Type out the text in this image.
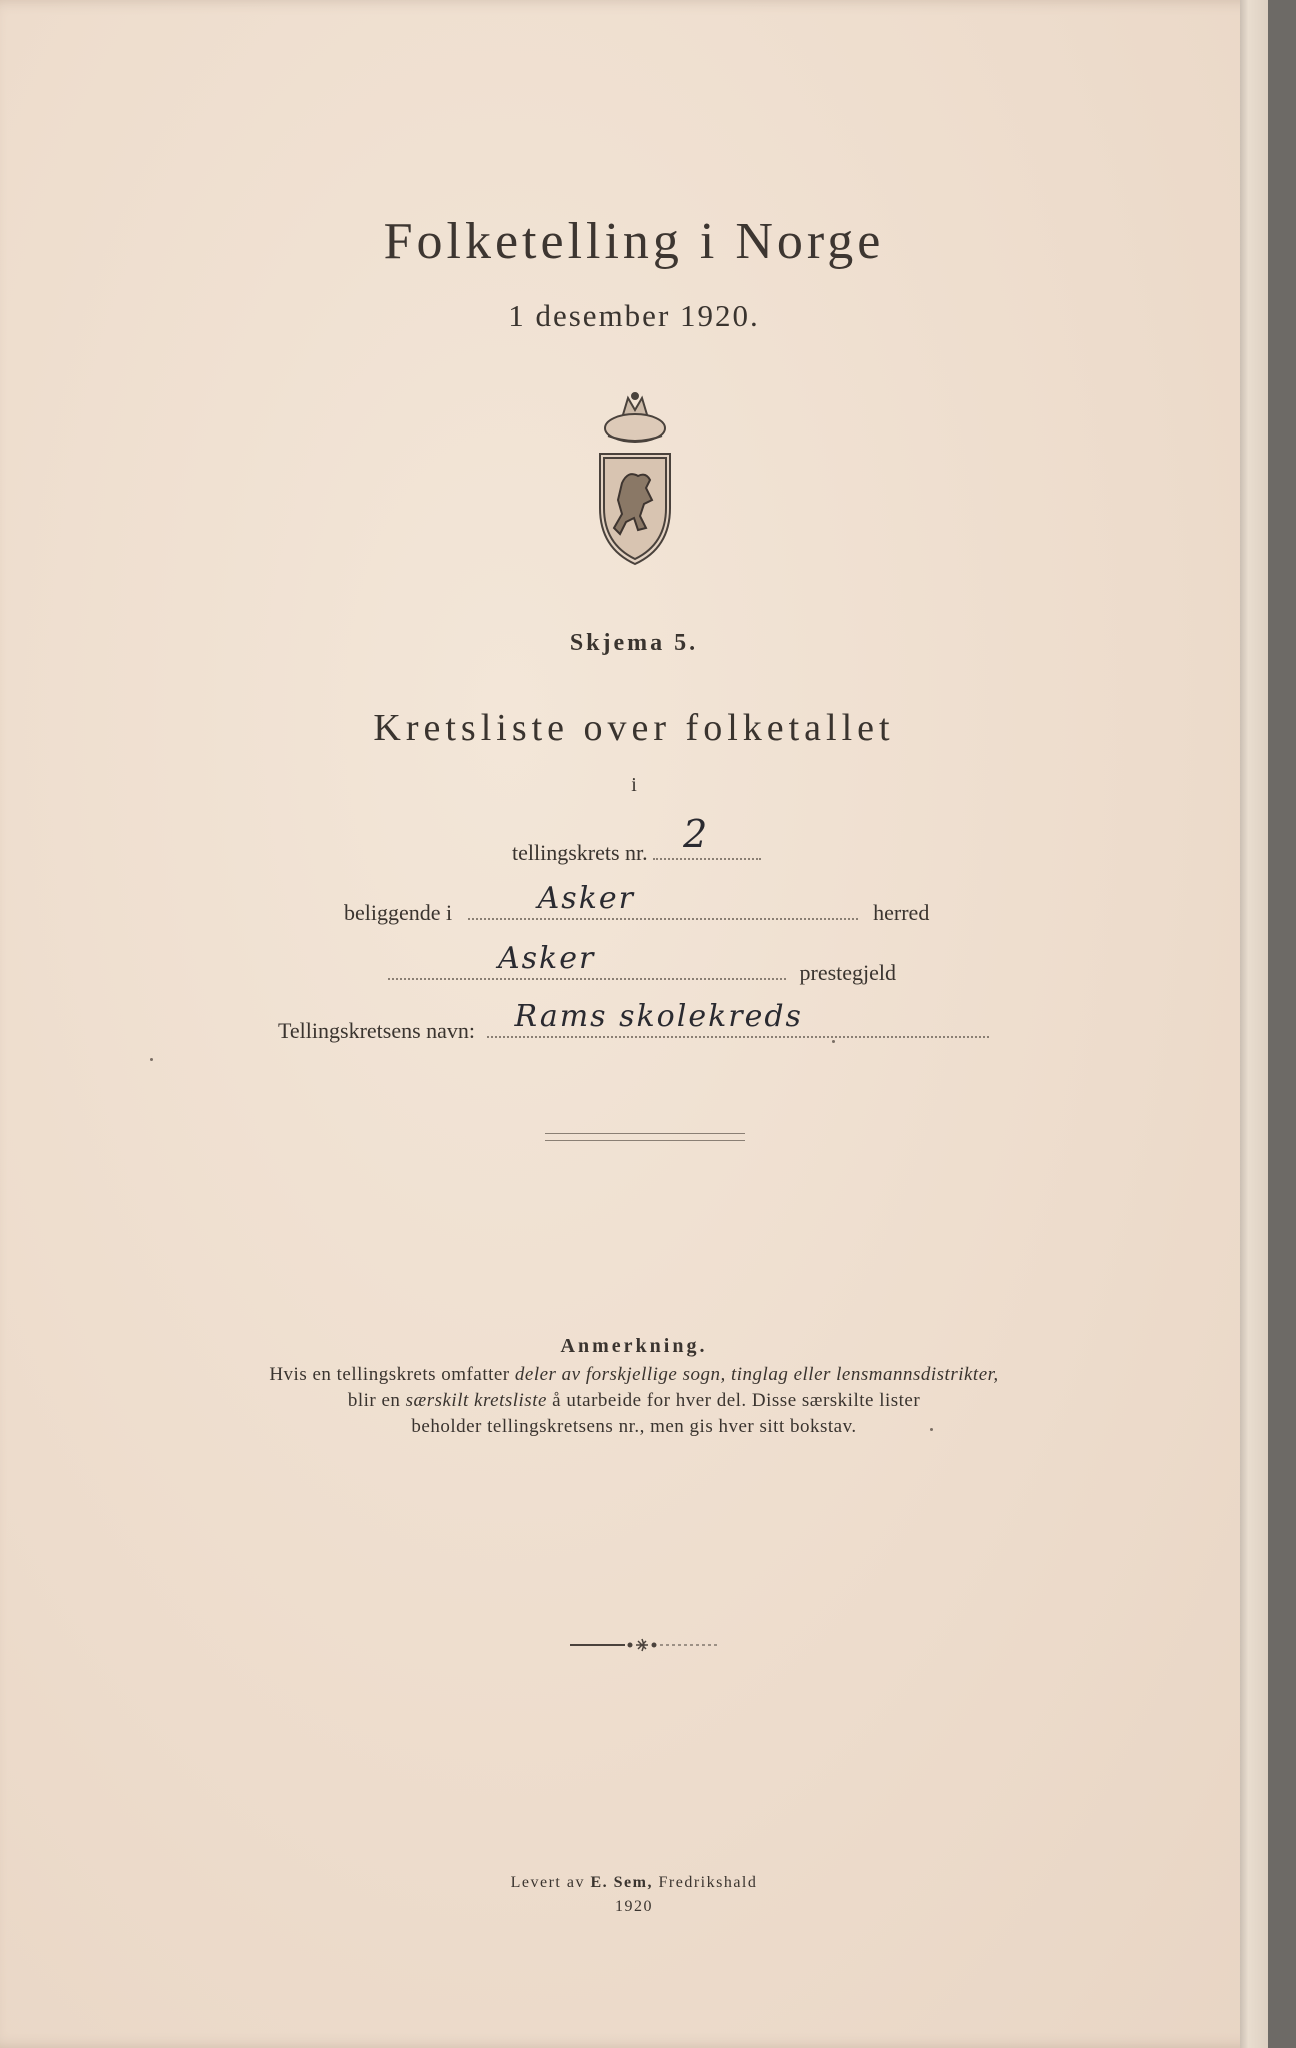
Folketelling i Norge
1 desember 1920.
Skjema 5.
Kretsliste over folketallet
i
tellingskrets nr. 2
beliggende i	Asker	herred
Asker	prestegjeld
Tellingskretsens navn: Rams skolekreds
Anmerkning.
Hvis en tellingskrets omfatter deler av forskjellige sogn, tinglag eller lensmannsdistrikter,
blir en særskilt kretsliste å utarbeide for hver del. Disse særskilte lister
beholder tellingskretsens nr., men gis hver sitt bokstav.
Levert av E. Sem, Fredrikshald
1920
